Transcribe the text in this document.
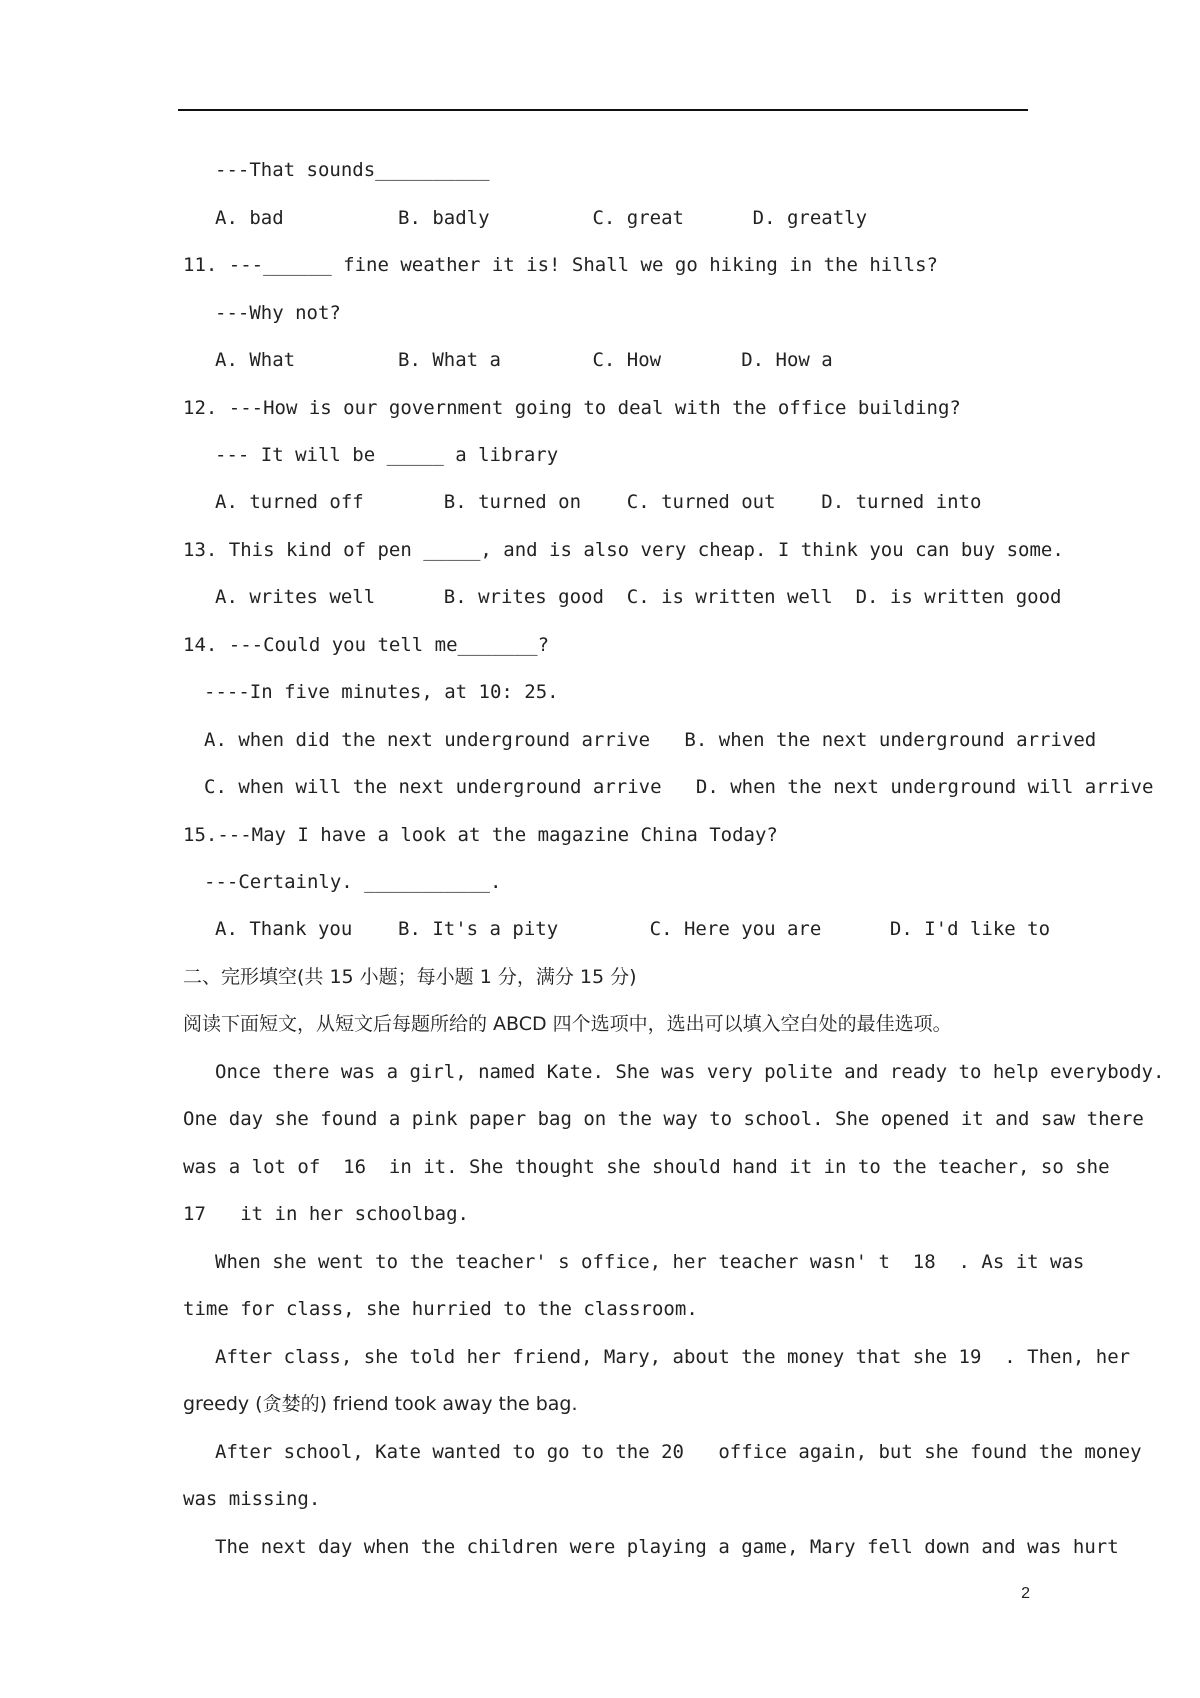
---That sounds__________
A. bad          B. badly         C. great      D. greatly
11. ---______ fine weather it is! Shall we go hiking in the hills?
---Why not?
A. What         B. What a        C. How       D. How a
12. ---How is our government going to deal with the office building?
--- It will be _____ a library
A. turned off       B. turned on    C. turned out    D. turned into
13. This kind of pen _____, and is also very cheap. I think you can buy some.
A. writes well      B. writes good  C. is written well  D. is written good
14. ---Could you tell me_______?
----In five minutes, at 10: 25.
A. when did the next underground arrive   B. when the next underground arrived
C. when will the next underground arrive   D. when the next underground will arrive
15.---May I have a look at the magazine China Today?
---Certainly. ___________.
A. Thank you    B. It's a pity        C. Here you are      D. I'd like to
二、完形填空(共 15 小题；每小题 1 分，满分 15 分)
阅读下面短文，从短文后每题所给的 ABCD 四个选项中，选出可以填入空白处的最佳选项。
Once there was a girl, named Kate. She was very polite and ready to help everybody.
One day she found a pink paper bag on the way to school. She opened it and saw there
was a lot of  16  in it. She thought she should hand it in to the teacher, so she
17   it in her schoolbag.
When she went to the teacher' s office, her teacher wasn' t  18  . As it was
time for class, she hurried to the classroom.
After class, she told her friend, Mary, about the money that she 19  . Then, her
greedy (贪婪的) friend took away the bag.
After school, Kate wanted to go to the 20   office again, but she found the money
was missing.
The next day when the children were playing a game, Mary fell down and was hurt
2
